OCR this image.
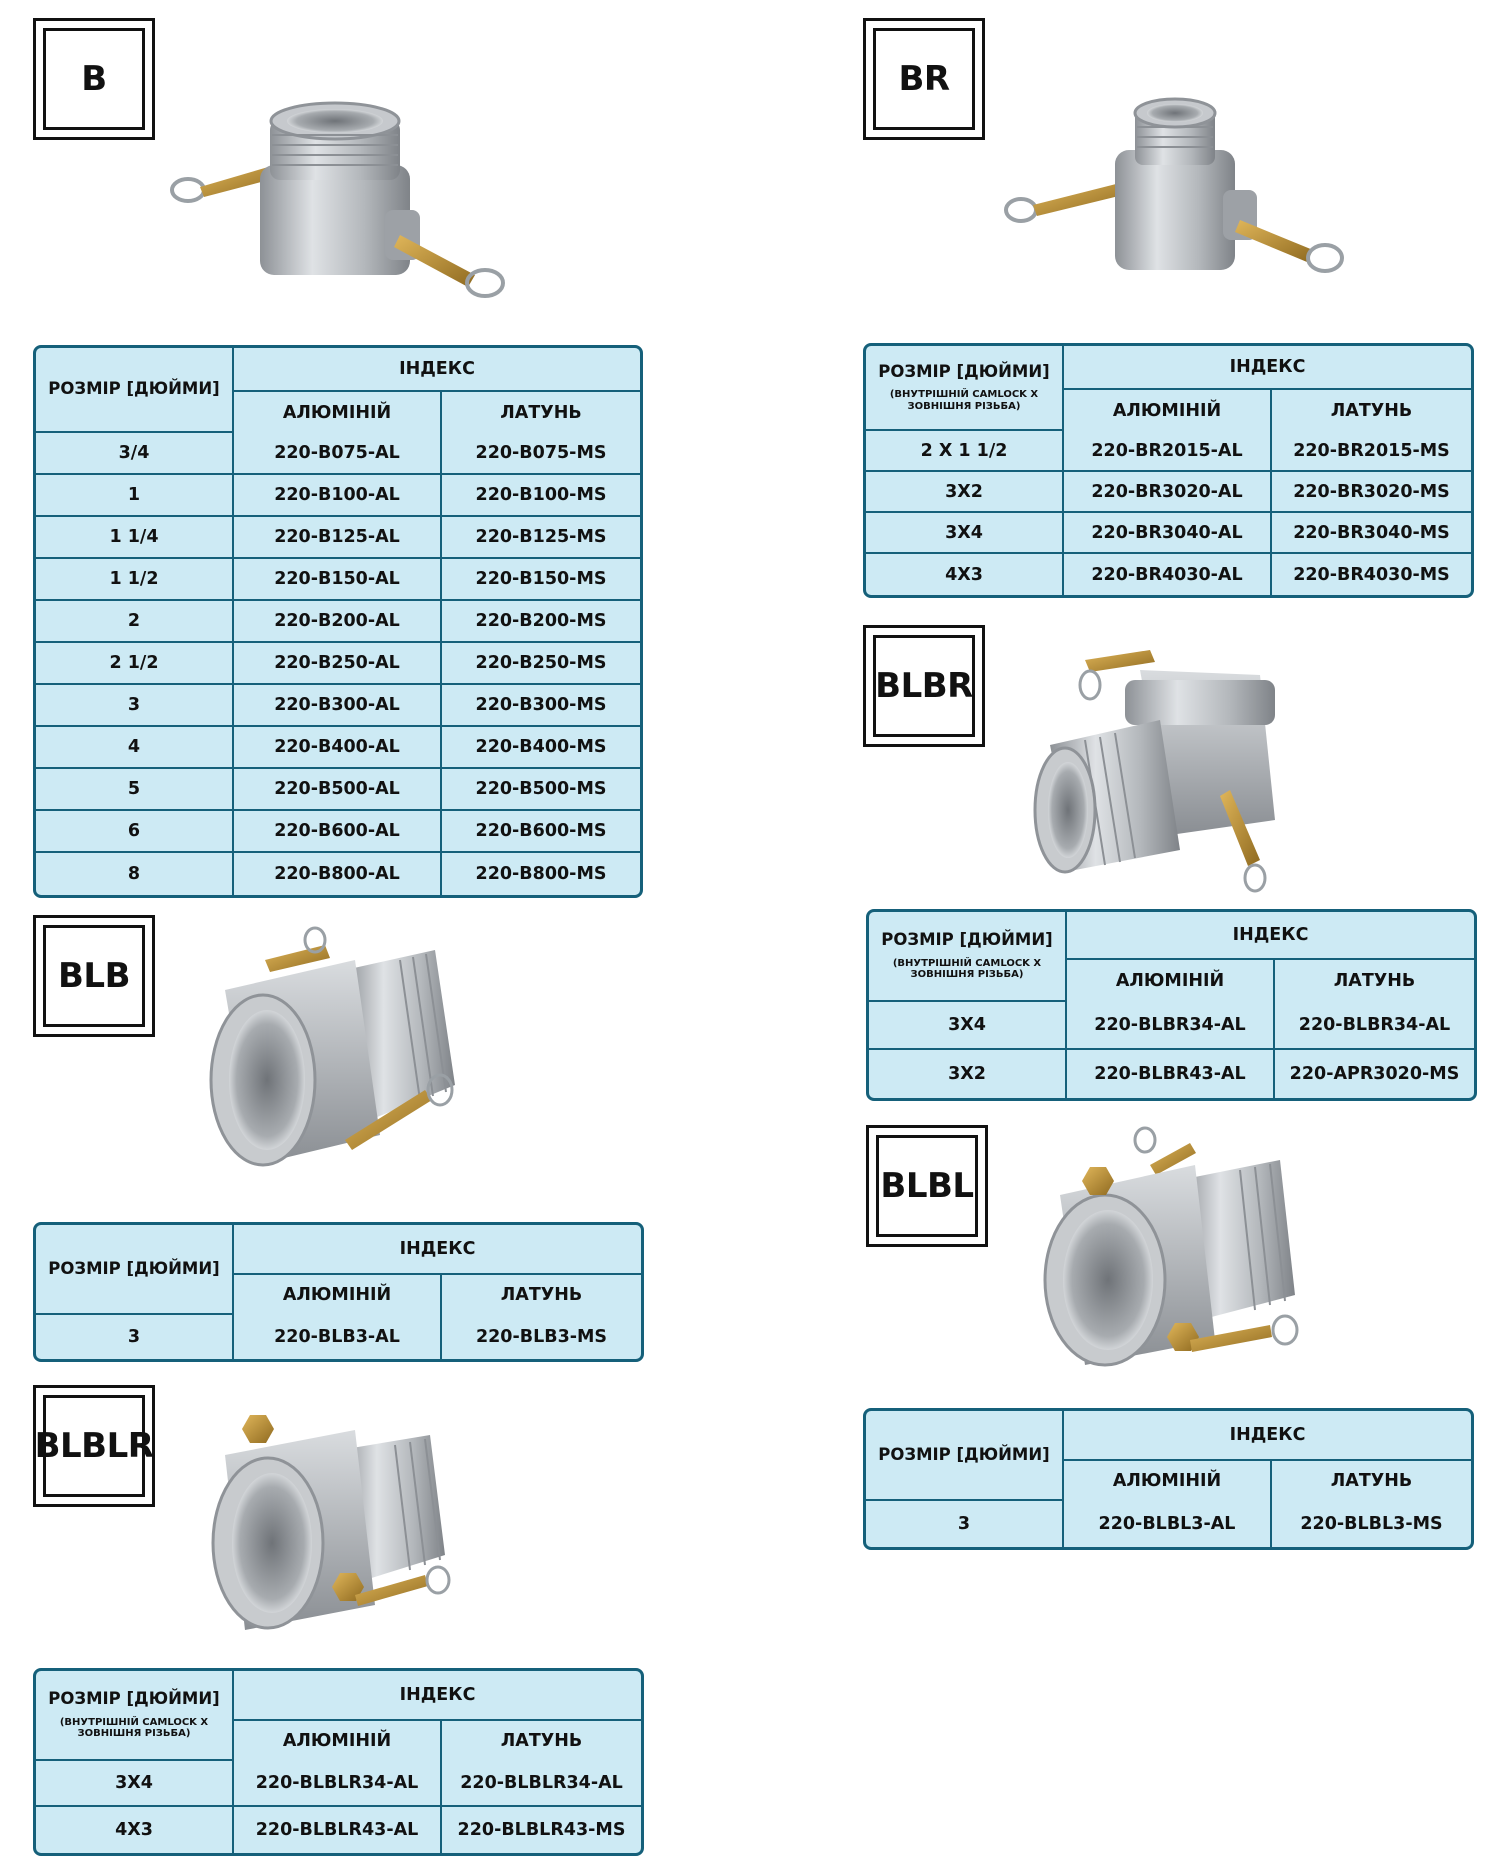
B
РОЗМІР [ДЮЙМИ]	ІНДЕКС	
	АЛЮМІНІЙ	ЛАТУНЬ
3/4	220-B075-AL	220-B075-MS
1	220-B100-AL	220-B100-MS
1 1/4	220-B125-AL	220-B125-MS
1 1/2	220-B150-AL	220-B150-MS
2	220-B200-AL	220-B200-MS
2 1/2	220-B250-AL	220-B250-MS
3	220-B300-AL	220-B300-MS
4	220-B400-AL	220-B400-MS
5	220-B500-AL	220-B500-MS
6	220-B600-AL	220-B600-MS
8	220-B800-AL	220-B800-MS
BR
РОЗМІР [ДЮЙМИ]
(ВНУТРІШНІЙ CAMLOCK X ЗОВНІШНЯ РІЗЬБА)	ІНДЕКС	
	АЛЮМІНІЙ	ЛАТУНЬ
2 X 1 1/2	220-BR2015-AL	220-BR2015-MS
3X2	220-BR3020-AL	220-BR3020-MS
3X4	220-BR3040-AL	220-BR3040-MS
4X3	220-BR4030-AL	220-BR4030-MS
BLBR
РОЗМІР [ДЮЙМИ]
(ВНУТРІШНІЙ CAMLOCK X ЗОВНІШНЯ РІЗЬБА)	ІНДЕКС	
	АЛЮМІНІЙ	ЛАТУНЬ
3X4	220-BLBR34-AL	220-BLBR34-AL
3X2	220-BLBR43-AL	220-APR3020-MS
BLB
РОЗМІР [ДЮЙМИ]	ІНДЕКС	
	АЛЮМІНІЙ	ЛАТУНЬ
3	220-BLB3-AL	220-BLB3-MS
BLBL
РОЗМІР [ДЮЙМИ]	ІНДЕКС	
	АЛЮМІНІЙ	ЛАТУНЬ
3	220-BLBL3-AL	220-BLBL3-MS
BLBLR
РОЗМІР [ДЮЙМИ]
(ВНУТРІШНІЙ CAMLOCK X ЗОВНІШНЯ РІЗЬБА)	ІНДЕКС	
	АЛЮМІНІЙ	ЛАТУНЬ
3X4	220-BLBLR34-AL	220-BLBLR34-AL
4X3	220-BLBLR43-AL	220-BLBLR43-MS
